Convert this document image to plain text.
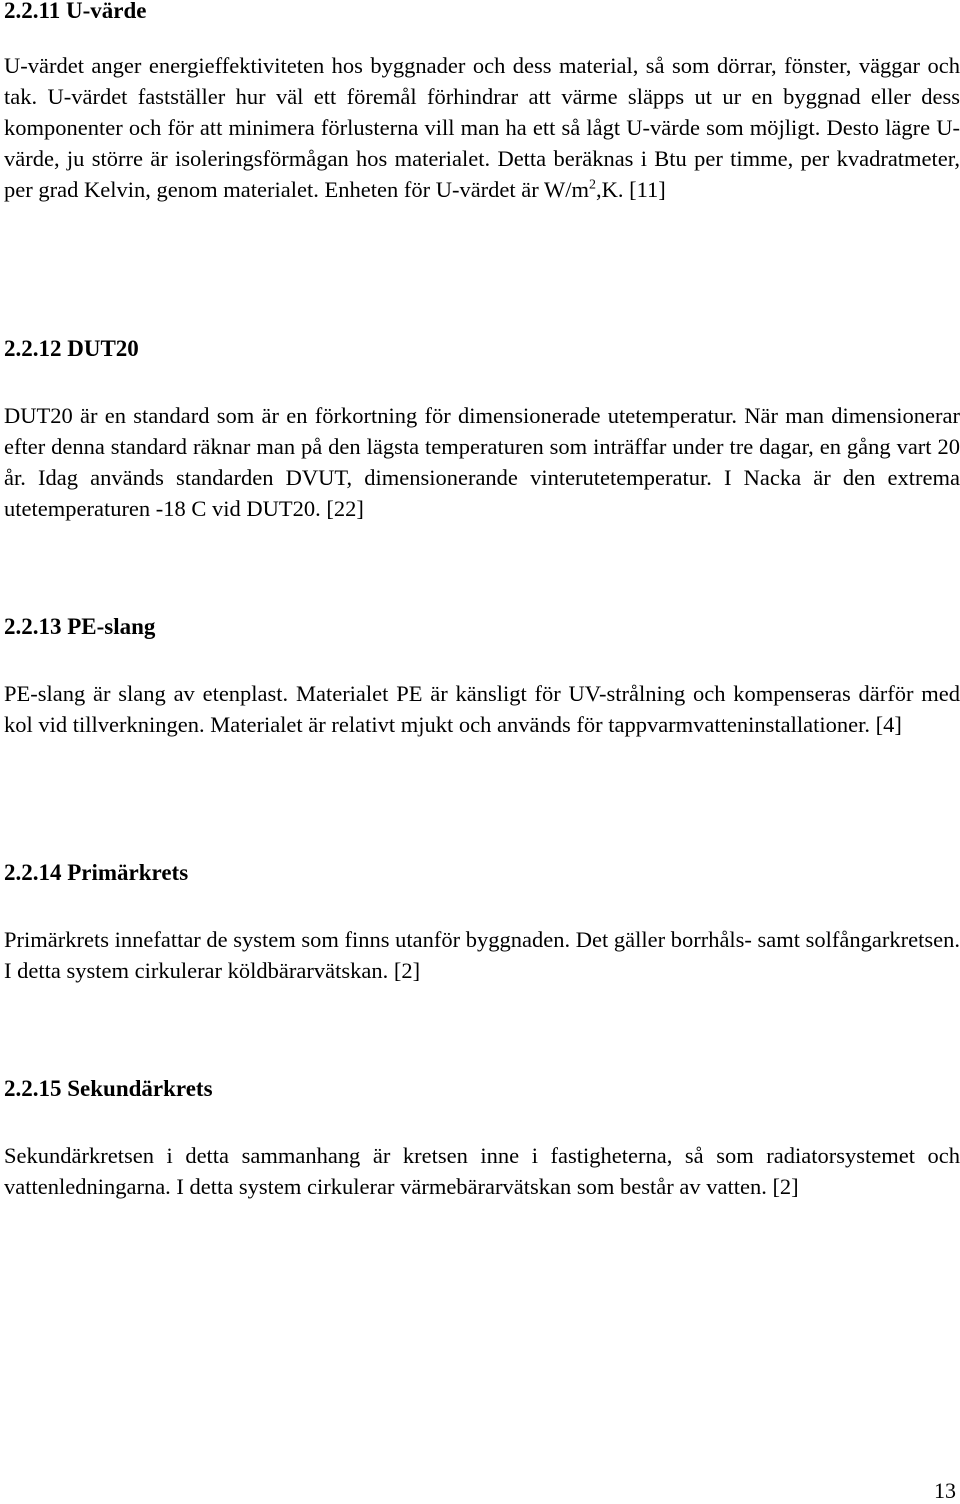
2.2.11 U-värde

U-värdet anger energieffektiviteten hos byggnader och dess material, så som dörrar, fönster, väggar och tak. U-värdet fastställer hur väl ett föremål förhindrar att värme släpps ut ur en byggnad eller dess komponenter och för att minimera förlusterna vill man ha ett så lågt U-värde som möjligt. Desto lägre U-värde, ju större är isoleringsförmågan hos materialet. Detta beräknas i Btu per timme, per kvadratmeter, per grad Kelvin, genom materialet. Enheten för U-värdet är $W/m^2,K$. [11]

2.2.12 DUT20

DUT20 är en standard som är en förkortning för dimensionerade utetemperatur. När man dimensionerar efter denna standard räknar man på den lägsta temperaturen som inträffar under tre dagar, en gång vart 20 år. Idag används standarden DVUT, dimensionerande vinterutetemperatur. I Nacka är den extrema utetemperaturen -18 C vid DUT20. [22]

2.2.13 PE-slang

PE-slang är slang av etenplast. Materialet PE är känsligt för UV-strålning och kompenseras därför med kol vid tillverkningen. Materialet är relativt mjukt och används för tappvarmvatteninstallationer. [4]

2.2.14 Primärkrets

Primärkrets innefattar de system som finns utanför byggnaden. Det gäller borrhåls- samt solfångarkretsen. I detta system cirkulerar köldbärarvätskan. [2]

2.2.15 Sekundärkrets

Sekundärkretsen i detta sammanhang är kretsen inne i fastigheterna, så som radiatorsystemet och vattenledningarna. I detta system cirkulerar värmebärarvätskan som består av vatten. [2]

13
